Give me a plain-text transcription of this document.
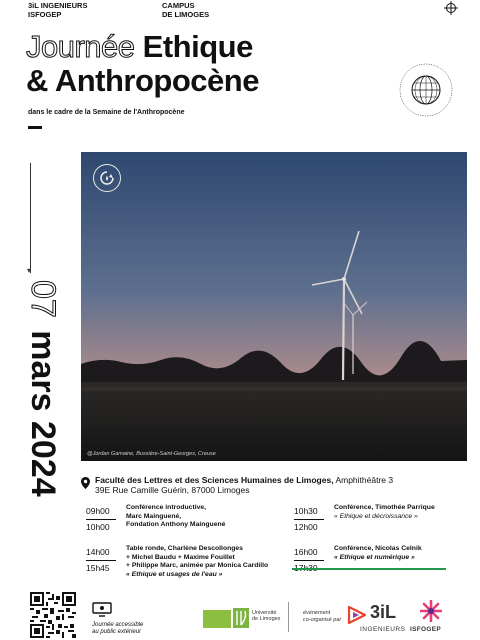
3iL INGENIEURS
ISFOGEP
CAMPUS
DE LIMOGES
Journée Ethique
& Anthropocène
dans le cadre de la Semaine de l'Anthropocène
▾
07 mars 2024	@Jordan Gamaine, Bussière-Saint-Georges, Creuse
Faculté des Lettres et des Sciences Humaines de Limoges, Amphithéâtre 3
39E Rue Camille Guérin, 87000 Limoges
09h00
10h00
Conférence introductive,
Marc Mainguené,
Fondation Anthony Mainguené
14h00
15h45
Table ronde, Charlène Descollonges
+ Michel Baudu + Maxime Fouillet
+ Philippe Marc, animée par Monica Cardillo
« Ethique et usages de l'eau »
10h30
12h00
Conférence, Timothée Parrique
« Ethique et décroissance »
16h00	Conférence, Nicolas Celnik
« Ethique et numérique »
Journée accessible
au public extérieur
Université
de Limoges
événement
co-organisé par 3iL
INGENIEURS ISFOGEP
